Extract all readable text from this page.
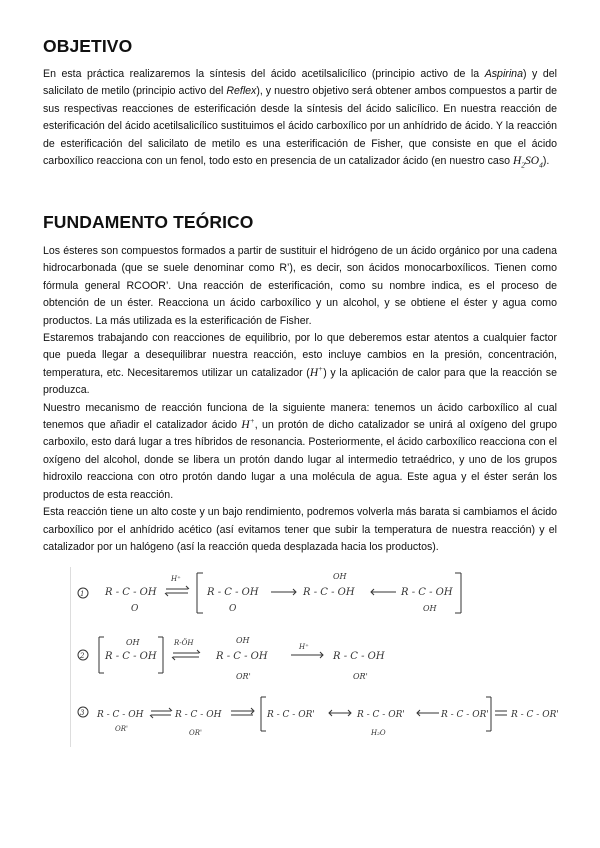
OBJETIVO

En esta práctica realizaremos la síntesis del ácido acetilsalicílico (principio activo de la Aspirina) y del salicilato de metilo (principio activo del Reflex), y nuestro objetivo será obtener ambos compuestos a partir de sus respectivas reacciones de esterificación desde la síntesis del ácido salicílico. En nuestra reacción de esterificación del ácido acetilsalicílico sustituimos el ácido carboxílico por un anhídrido de ácido. Y la reacción de esterificación del salicilato de metilo es una esterificación de Fisher, que consiste en que el ácido carboxílico reacciona con un fenol, todo esto en presencia de un catalizador ácido (en nuestro caso $H_2SO_4$).

FUNDAMENTO TEÓRICO

Los ésteres son compuestos formados a partir de sustituir el hidrógeno de un ácido orgánico por una cadena hidrocarbonada (que se suele denominar como R’), es decir, son ácidos monocarboxílicos. Tienen como fórmula general RCOOR’. Una reacción de esterificación, como su nombre indica, es el proceso de obtención de un éster. Reacciona un ácido carboxílico y un alcohol, y se obtiene el éster y agua como productos. La más utilizada es la esterificación de Fisher.

Estaremos trabajando con reacciones de equilibrio, por lo que deberemos estar atentos a cualquier factor que pueda llegar a desequilibrar nuestra reacción, esto incluye cambios en la presión, concentración, temperatura, etc. Necesitaremos utilizar un catalizador (H+) y la aplicación de calor para que la reacción se produzca.

Nuestro mecanismo de reacción funciona de la siguiente manera: tenemos un ácido carboxílico al cual tenemos que añadir el catalizador ácido H+, un protón de dicho catalizador se unirá al oxígeno del grupo carboxilo, esto dará lugar a tres híbridos de resonancia. Posteriormente, el ácido carboxílico reacciona con el oxígeno del alcohol, donde se libera un protón dando lugar al intermedio tetraédrico, y uno de los grupos hidroxilo reacciona con otro protón dando lugar a una molécula de agua. Este agua y el éster serán los productos de esta reacción.

Esta reacción tiene un alto coste y un bajo rendimiento, podremos volverla más barata si cambiamos el ácido carboxílico por el anhídrido acético (así evitamos tener que subir la temperatura de nuestra reacción) y el catalizador por un halógeno (así la reacción queda desplazada hacia los productos).

1 R - C - OH
O
H⁺
R - C - OH
O
R - C - OH
OH
R - C - OH
OH
2 R - C - OH
OH	R-ÖH
R - C - OH
OH
OR'
H⁺
R - C - OH
OR'
3 R - C - OH
OR'
R - C - OH
OR'
R - C - OR'	R - C - OR'
H₂O
R - C - OR' R - C - OR'
